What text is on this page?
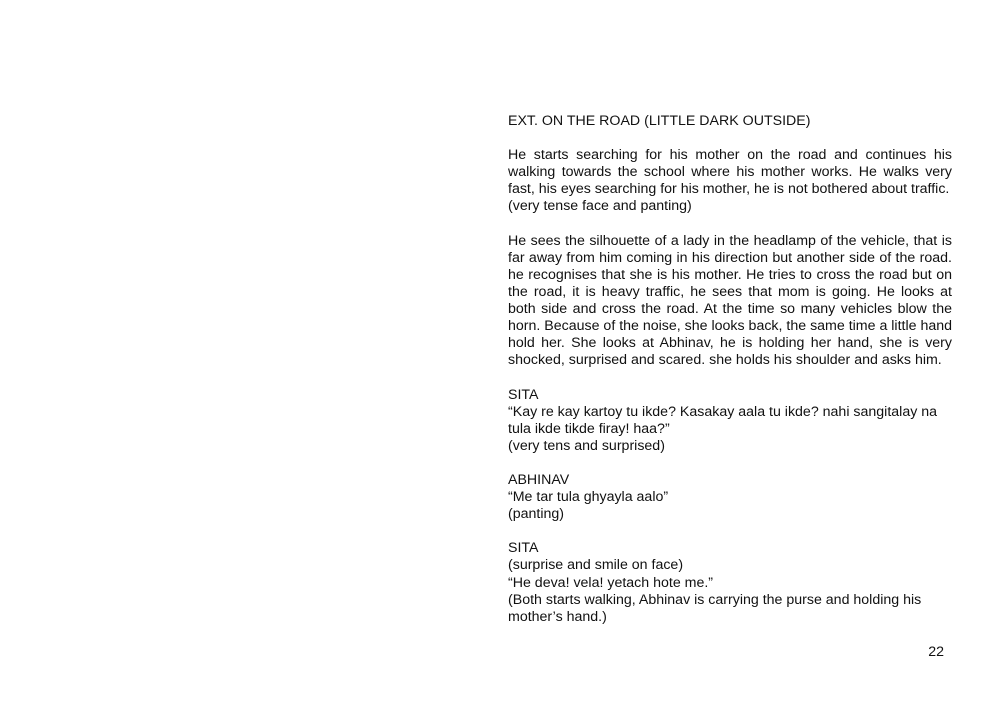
EXT. ON THE ROAD (LITTLE DARK OUTSIDE)

He starts searching for his mother on the road and continues his walking towards the school where his mother works. He walks very fast, his eyes searching for his mother, he is not bothered about traffic.

(very tense face and panting)

He sees the silhouette of a lady in the headlamp of the vehicle, that is far away from him coming in his direction but another side of the road. he recognises that she is his mother. He tries to cross the road but on the road, it is heavy traffic, he sees that mom is going. He looks at both side and cross the road. At the time so many vehicles blow the horn. Because of the noise, she looks back, the same time a little hand hold her. She looks at Abhinav, he is holding her hand, she is very shocked, surprised and scared. she holds his shoulder and asks him.

SITA

“Kay re kay kartoy tu ikde? Kasakay aala tu ikde? nahi sangitalay na tula ikde tikde firay! haa?”

(very tens and surprised)

ABHINAV

“Me tar tula ghyayla aalo”

(panting)

SITA

(surprise and smile on face)

“He deva! vela! yetach hote me.”

(Both starts walking, Abhinav is carrying the purse and holding his mother’s hand.)

22
